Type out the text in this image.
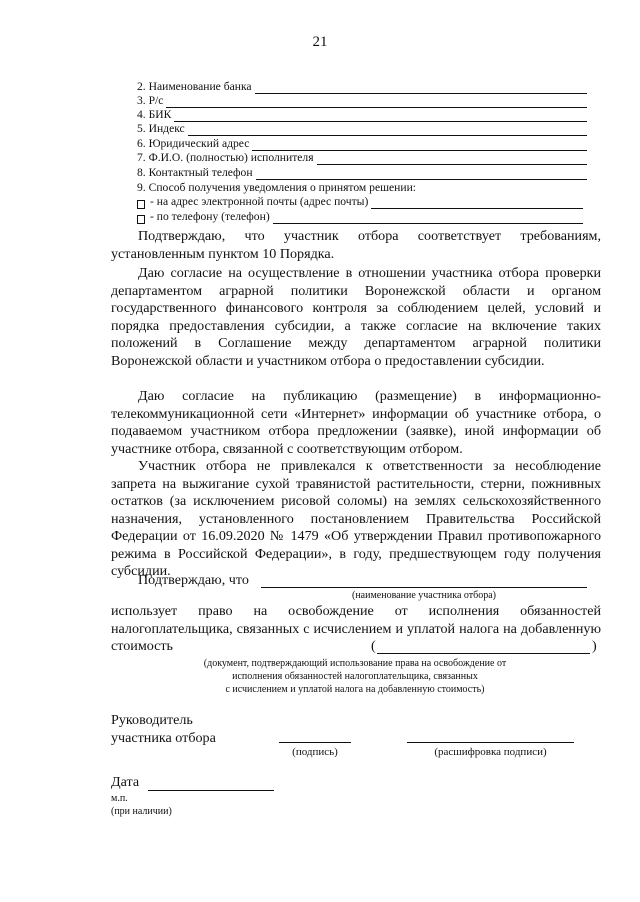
21
2. Наименование банка
3. Р/с
4. БИК
5. Индекс
6. Юридический адрес
7. Ф.И.О. (полностью) исполнителя
8. Контактный телефон
9. Способ получения уведомления о принятом решении:
- на адрес электронной почты (адрес почты)
- по телефону (телефон)
Подтверждаю, что участник отбора соответствует требованиям, установленным пунктом 10 Порядка.
Даю согласие на осуществление в отношении участника отбора проверки департаментом аграрной политики Воронежской области и органом государственного финансового контроля за соблюдением целей, условий и порядка предоставления субсидии, а также согласие на включение таких положений в Соглашение между департаментом аграрной политики Воронежской области и участником отбора о предоставлении субсидии.
Даю согласие на публикацию (размещение) в информационно-телекоммуникационной сети «Интернет» информации об участнике отбора, о подаваемом участником отбора предложении (заявке), иной информации об участнике отбора, связанной с соответствующим отбором.
Участник отбора не привлекался к ответственности за несоблюдение запрета на выжигание сухой травянистой растительности, стерни, пожнивных остатков (за исключением рисовой соломы) на землях сельскохозяйственного назначения, установленного постановлением Правительства Российской Федерации от 16.09.2020 № 1479 «Об утверждении Правил противопожарного режима в Российской Федерации», в году, предшествующем году получения субсидии.
Подтверждаю, что
(наименование участника отбора)
использует право на освобождение от исполнения обязанностей налогоплательщика, связанных с исчислением и уплатой налога на добавленную стоимость	(	)
(документ, подтверждающий использование права на освобождение от
исполнения обязанностей налогоплательщика, связанных
с исчислением и уплатой налога на добавленную стоимость)
Руководитель
участника отбора
(подпись)	(расшифровка подписи)
Дата
м.п.
(при наличии)
